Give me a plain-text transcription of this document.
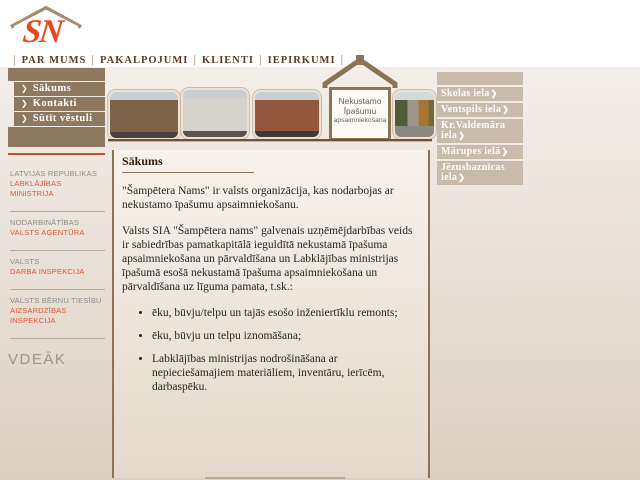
SN
| PAR MUMS | PAKALPOJUMI | KLIENTI | IEPIRKUMI |
❯ Sākums
❯ Kontakti
❯ Sūtīt vēstuli
LATVIJAS REPUBLIKAS
LABKLĀJĪBAS MINISTRIJA
NODARBINĀTĪBAS
VALSTS AĢENTŪRA
VALSTS
DARBA INSPEKCIJA
VALSTS BĒRNU TIESĪBU
AIZSARDZĪBAS INSPEKCIJA
VDEĀK
Nekustamo
Īpašumu
apsaimniekošana
Skolas iela❯
Ventspils iela❯
Kr.Valdemāra iela❯
Mārupes ielā❯
Jēzusbaznīcas iela❯
Sākums

"Šampētera Nams" ir valsts organizācija, kas nodarbojas ar nekustamo īpašumu apsaimniekošanu.

Valsts SIA "Šampētera nams" galvenais uzņēmējdarbības veids ir sabiedrības pamatkapitālā ieguldītā nekustamā īpašuma apsaimniekošana un pārvaldīšana un Labklājības ministrijas īpašumā esošā nekustamā īpašuma apsaimniekošana un pārvaldīšana uz līguma pamata, t.sk.:

• ēku, būvju/telpu un tajās esošo inženiertīklu remonts;
• ēku, būvju un telpu iznomāšana;
• Labklājības ministrijas nodrošināšana ar nepieciešamajiem materiāliem, inventāru, ierīcēm, darbaspēku.
